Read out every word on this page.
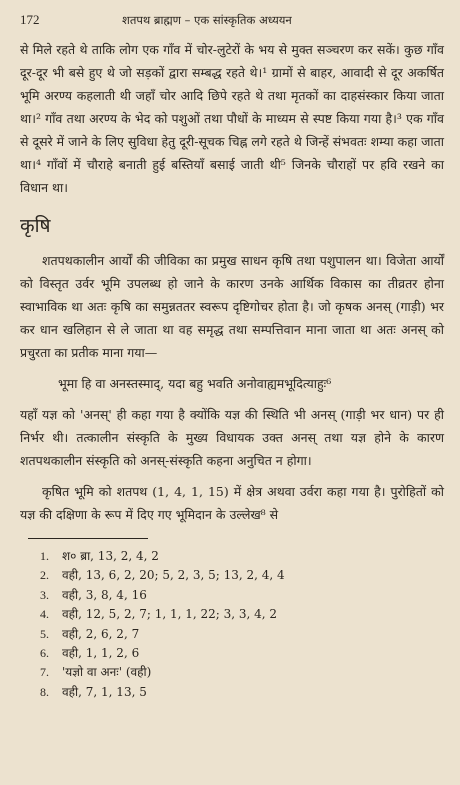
172	शतपथ ब्राह्मण – एक सांस्कृतिक अध्ययन

से मिले रहते थे ताकि लोग एक गाँव में चोर-लुटेरों के भय से मुक्त सञ्चरण कर सकें। कुछ गाँव दूर-दूर भी बसे हुए थे जो सड़कों द्वारा सम्बद्ध रहते थे।¹ ग्रामों से बाहर, आवादी से दूर अकर्षित भूमि अरण्य कहलाती थी जहाँ चोर आदि छिपे रहते थे तथा मृतकों का दाहसंस्कार किया जाता था।² गाँव तथा अरण्य के भेद को पशुओं तथा पौधों के माध्यम से स्पष्ट किया गया है।³ एक गाँव से दूसरे में जाने के लिए सुविधा हेतु दूरी-सूचक चिह्न लगे रहते थे जिन्हें संभवतः शम्या कहा जाता था।⁴ गाँवों में चौराहे बनाती हुई बस्तियाँ बसाई जाती थी⁵ जिनके चौराहों पर हवि रखने का विधान था।

कृषि

शतपथकालीन आर्यों की जीविका का प्रमुख साधन कृषि तथा पशुपालन था। विजेता आर्यों को विस्तृत उर्वर भूमि उपलब्ध हो जाने के कारण उनके आर्थिक विकास का तीव्रतर होना स्वाभाविक था अतः कृषि का समुन्नततर स्वरूप दृष्टिगोचर होता है। जो कृषक अनस् (गाड़ी) भर कर धान खलिहान से ले जाता था वह समृद्ध तथा सम्पत्तिवान माना जाता था अतः अनस् को प्रचुरता का प्रतीक माना गया—

भूमा हि वा अनस्तस्माद्, यदा बहु भवति अनोवाह्यमभूदित्याहुः⁶

यहाँ यज्ञ को 'अनस्' ही कहा गया है क्योंकि यज्ञ की स्थिति भी अनस् (गाड़ी भर धान) पर ही निर्भर थी। तत्कालीन संस्कृति के मुख्य विधायक उक्त अनस् तथा यज्ञ होने के कारण शतपथकालीन संस्कृति को अनस्-संस्कृति कहना अनुचित न होगा।

कृषित भूमि को शतपथ (1, 4, 1, 15) में क्षेत्र अथवा उर्वरा कहा गया है। पुरोहितों को यज्ञ की दक्षिणा के रूप में दिए गए भूमिदान के उल्लेख⁸ से

1.	श० ब्रा, 13, 2, 4, 2
2.	वही, 13, 6, 2, 20; 5, 2, 3, 5; 13, 2, 4, 4
3.	वही, 3, 8, 4, 16
4.	वही, 12, 5, 2, 7; 1, 1, 1, 22; 3, 3, 4, 2
5.	वही, 2, 6, 2, 7
6.	वही, 1, 1, 2, 6
7.	'यज्ञो वा अनः' (वही)
8.	वही, 7, 1, 13, 5
